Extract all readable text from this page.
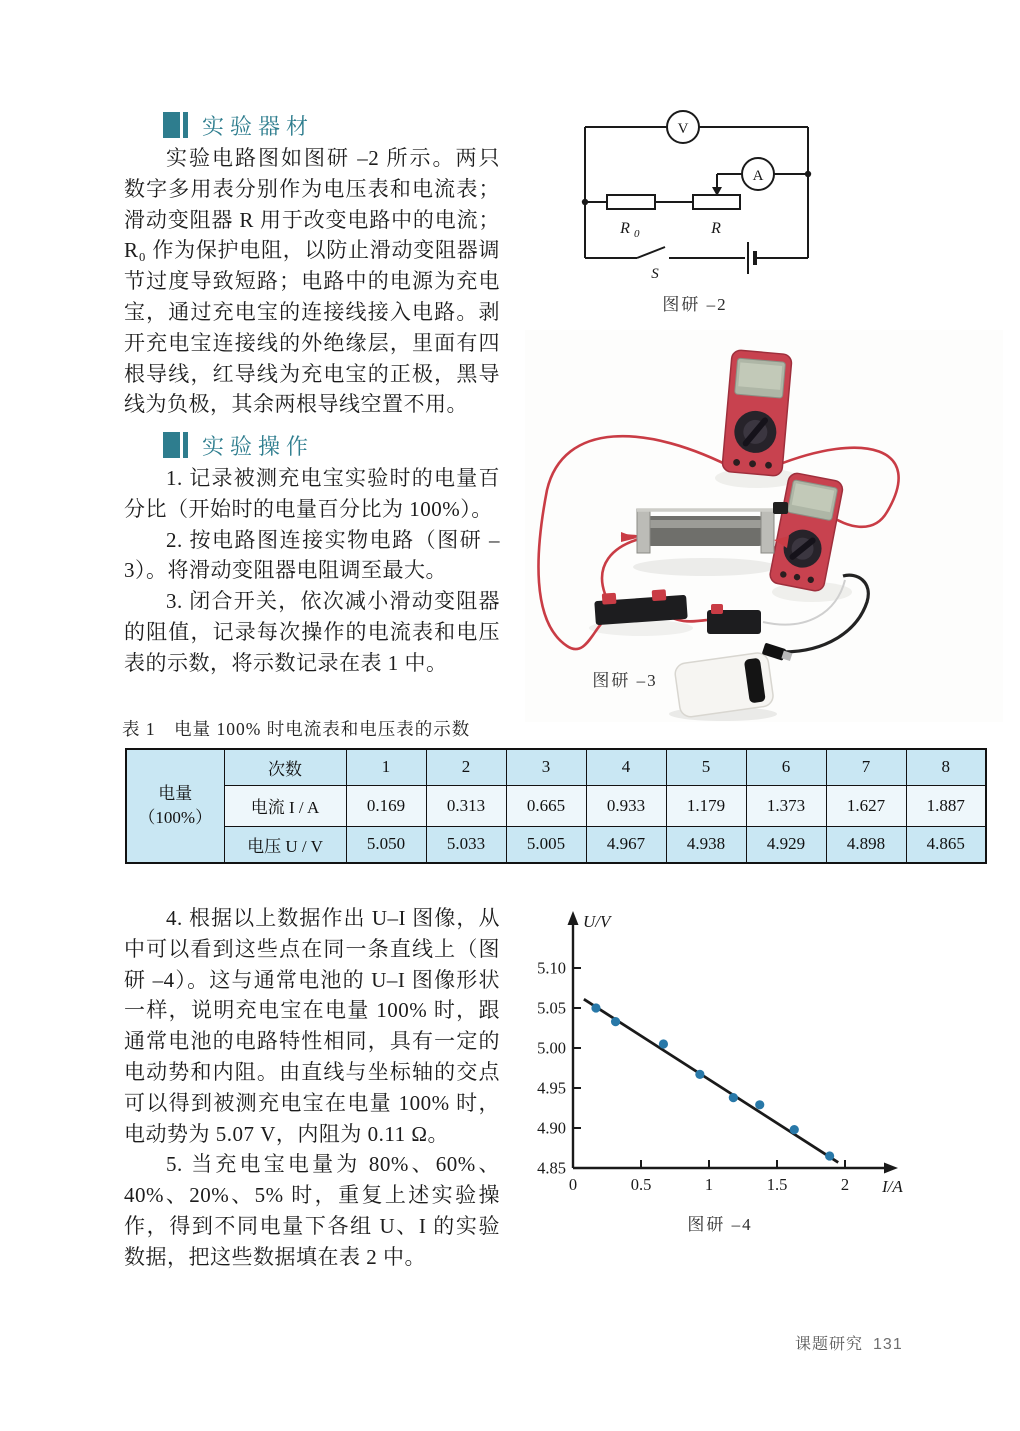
实验器材

实验电路图如图研 –2 所示。两只数字多用表分别作为电压表和电流表；滑动变阻器 R 用于改变电路中的电流；R₀ 作为保护电阻，以防止滑动变阻器调节过度导致短路；电路中的电源为充电宝，通过充电宝的连接线接入电路。剥开充电宝连接线的外绝缘层，里面有四根导线，红导线为充电宝的正极，黑导线为负极，其余两根导线空置不用。

实验操作

1. 记录被测充电宝实验时的电量百分比（开始时的电量百分比为 100%）。

2. 按电路图连接实物电路（图研 –3）。将滑动变阻器电阻调至最大。

3. 闭合开关，依次减小滑动变阻器的阻值，记录每次操作的电流表和电压表的示数，将示数记录在表 1 中。

V
A
R 0	R
S
图研 –2
图研 –3
表 1　电量 100% 时电流表和电压表的示数
电量
（100%）	次数	1	2	3	4	5	6	7	8
	电流 I / A	0.169	0.313	0.665	0.933	1.179	1.373	1.627	1.887
	电压 U / V	5.050	5.033	5.005	4.967	4.938	4.929	4.898	4.865

4. 根据以上数据作出 U–I 图像，从中可以看到这些点在同一条直线上（图研 –4）。这与通常电池的 U–I 图像形状一样，说明充电宝在电量 100% 时，跟通常电池的电路特性相同，具有一定的电动势和内阻。由直线与坐标轴的交点可以得到被测充电宝在电量 100% 时，电动势为 5.07 V，内阻为 0.11 Ω。

5. 当充电宝电量为 80%、60%、40%、20%、5% 时，重复上述实验操作，得到不同电量下各组 U、I 的实验数据，把这些数据填在表 2 中。

U/V
I/A
4.85
4.90
4.95
5.00
5.05
5.10
0	0.5	1	1.5	2
图研 –4
课题研究 131
